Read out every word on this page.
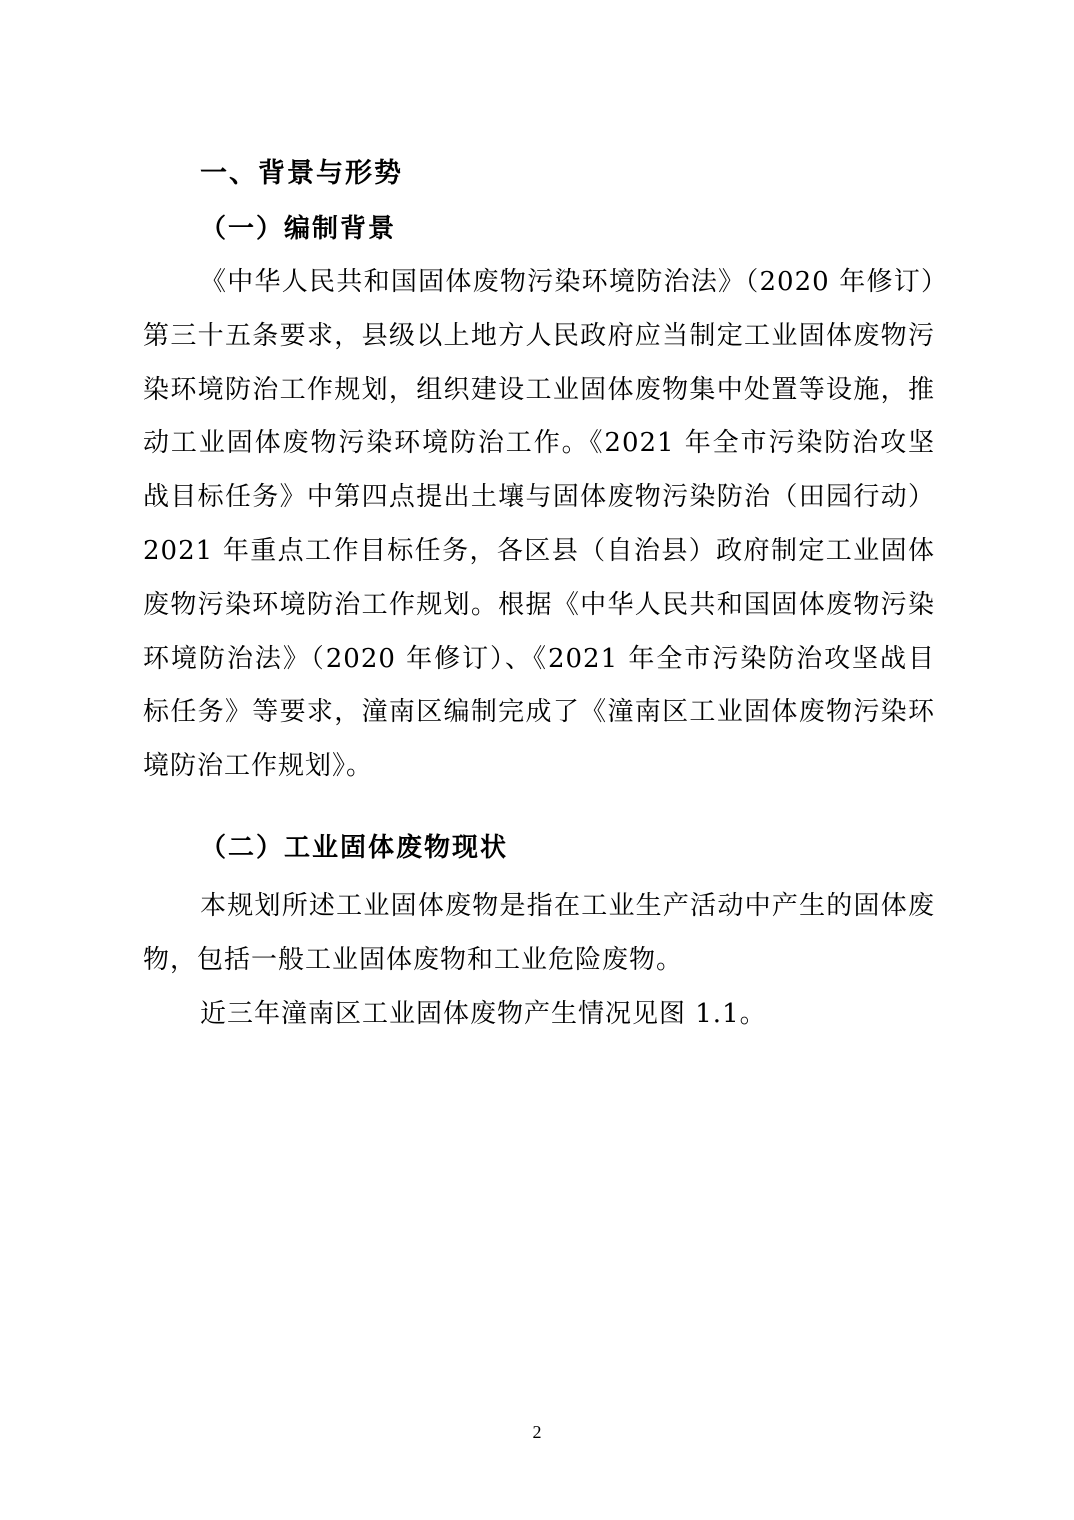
一、背景与形势
（一）编制背景

《中华人民共和国固体废物污染环境防治法》（2020 年修订）第三十五条要求，县级以上地方人民政府应当制定工业固体废物污染环境防治工作规划，组织建设工业固体废物集中处置等设施，推动工业固体废物污染环境防治工作。《2021 年全市污染防治攻坚战目标任务》中第四点提出土壤与固体废物污染防治（田园行动）2021 年重点工作目标任务，各区县（自治县）政府制定工业固体废物污染环境防治工作规划。根据《中华人民共和国固体废物污染环境防治法》（2020 年修订）、《2021 年全市污染防治攻坚战目标任务》等要求，潼南区编制完成了《潼南区工业固体废物污染环境防治工作规划》。

（二）工业固体废物现状

本规划所述工业固体废物是指在工业生产活动中产生的固体废物，包括一般工业固体废物和工业危险废物。

近三年潼南区工业固体废物产生情况见图 1.1。

2
